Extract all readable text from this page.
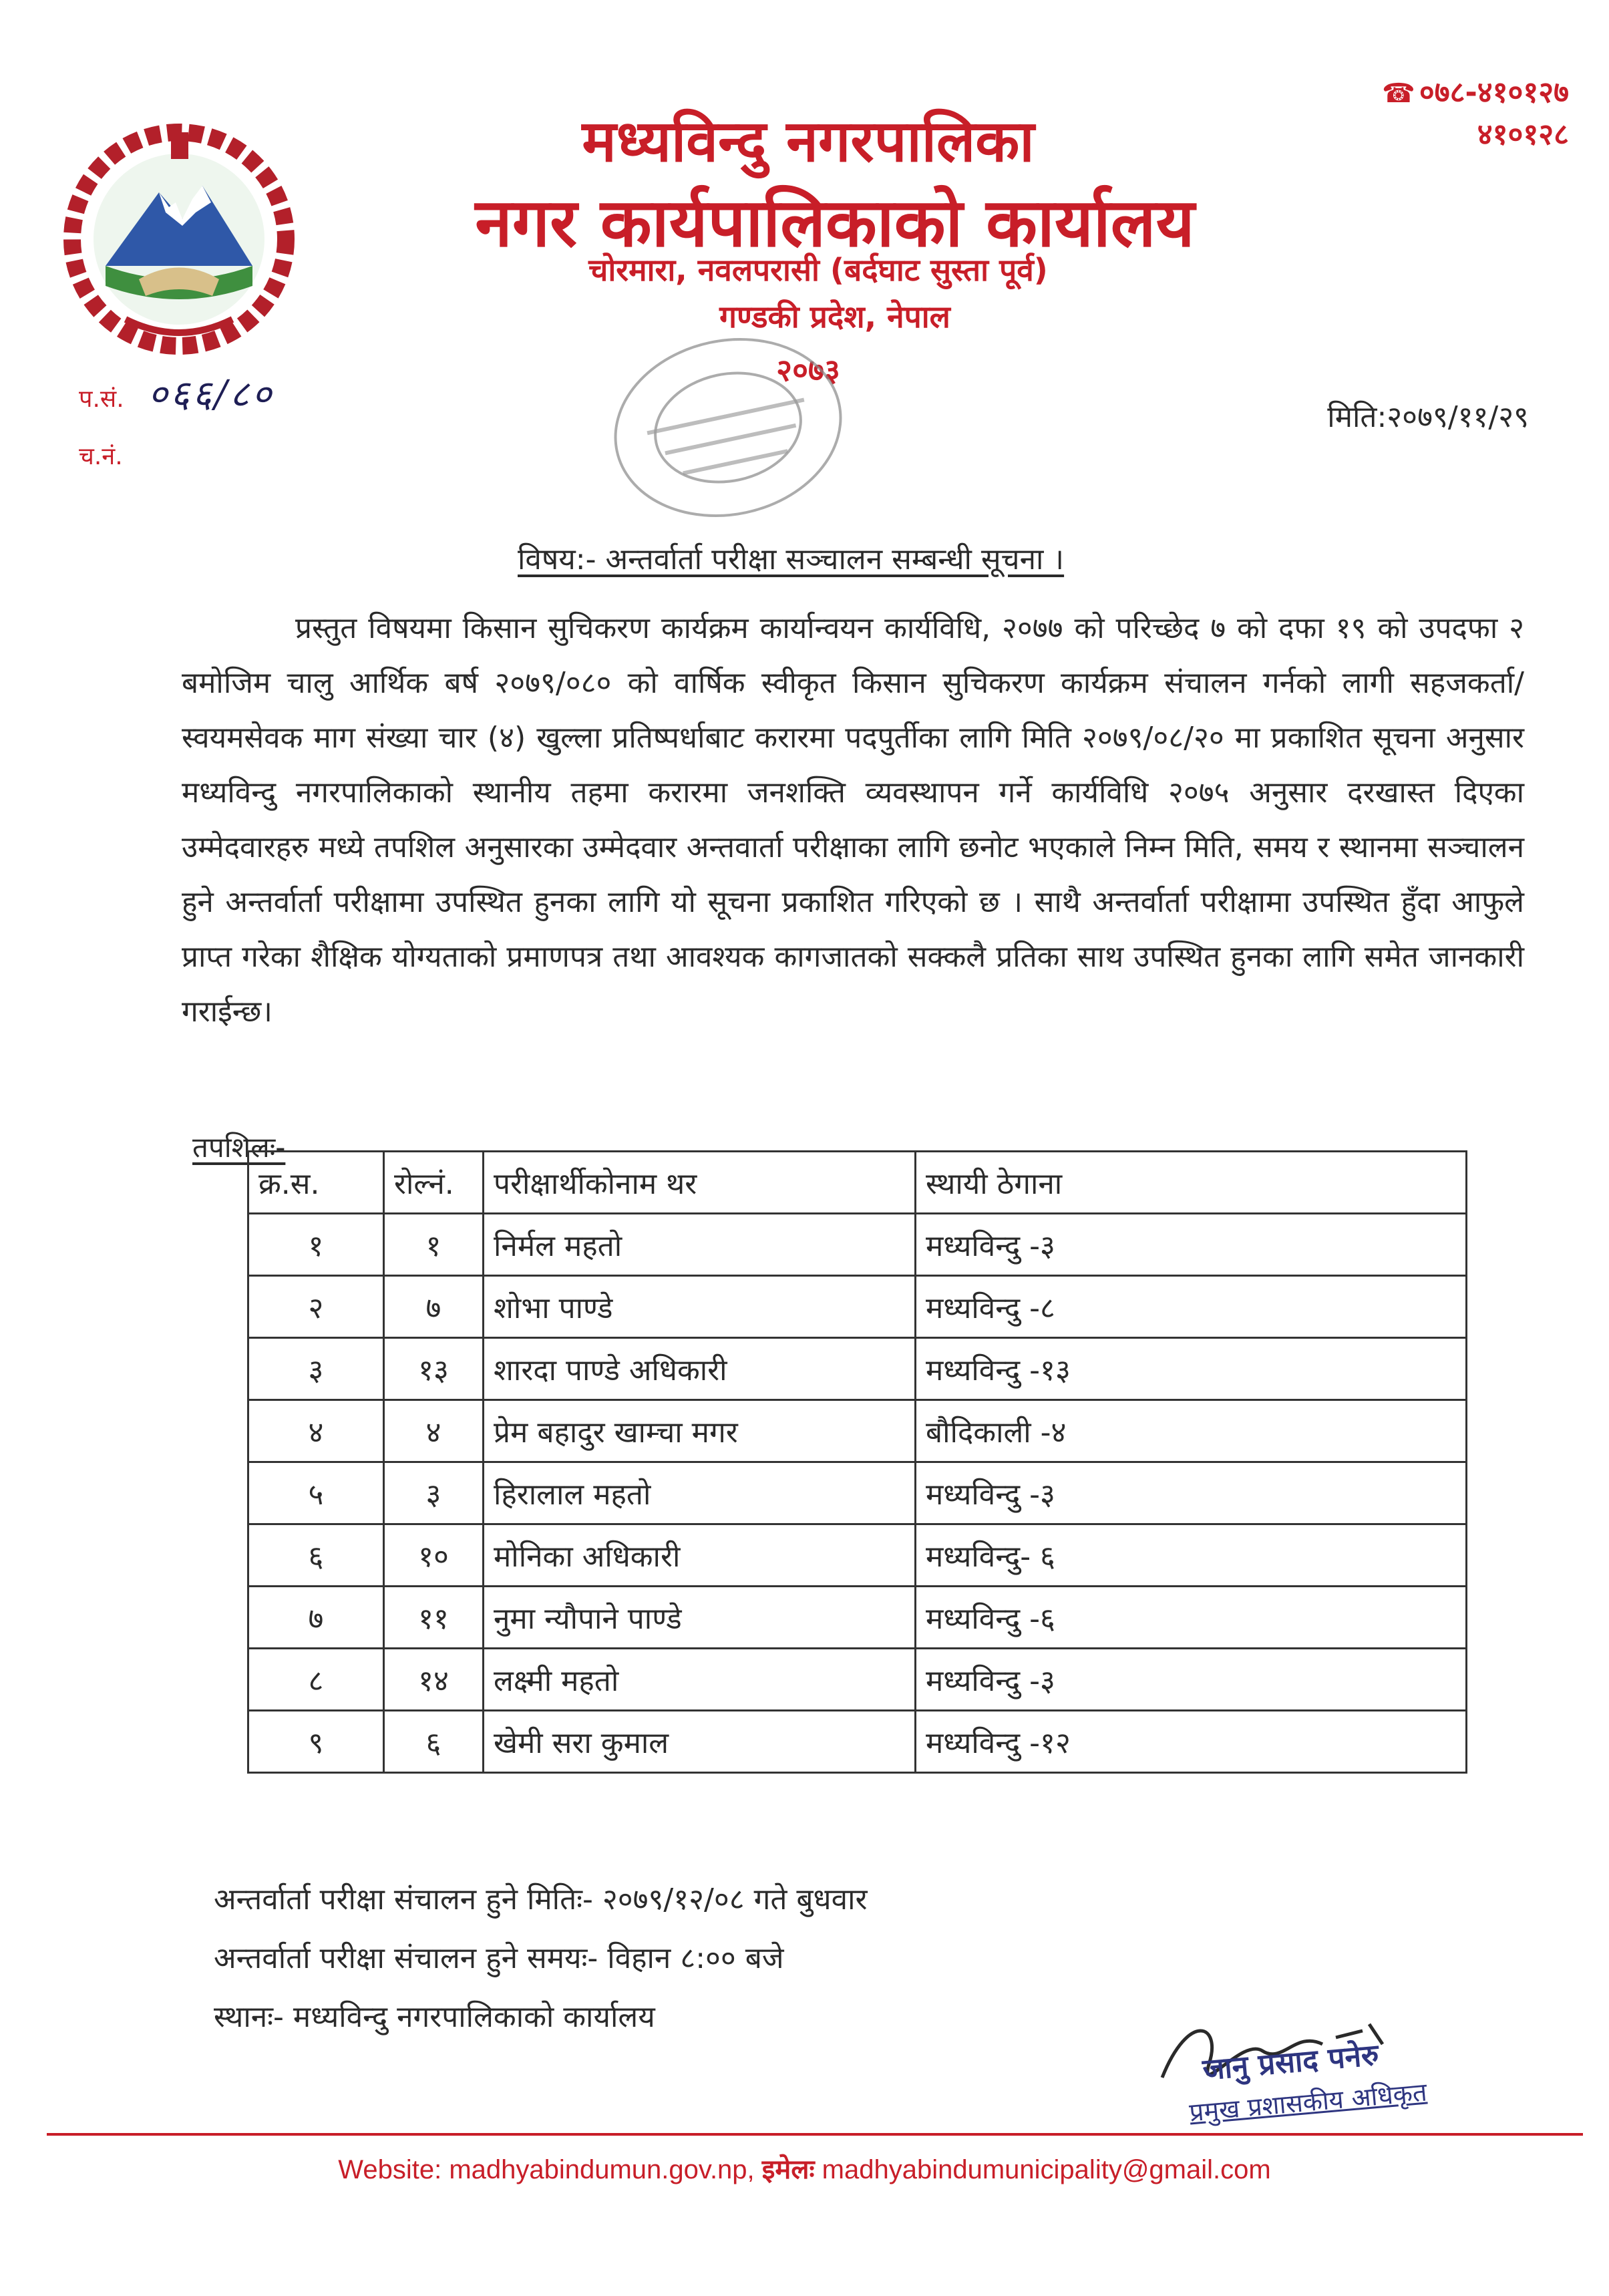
☎ ०७८-४१०१२७
४१०१२८
मध्यविन्दु नगरपालिका
नगर कार्यपालिकाको कार्यालय
चोरमारा, नवलपरासी (बर्दघाट सुस्ता पूर्व)
गण्डकी प्रदेश, नेपाल
२०७३
प.सं. ०६६/८०
च.नं.
मिति:२०७९/११/२९
विषय:- अन्तर्वार्ता परीक्षा सञ्चालन सम्बन्धी सूचना ।
प्रस्तुत विषयमा किसान सुचिकरण कार्यक्रम कार्यान्वयन कार्यविधि, २०७७ को परिच्छेद ७ को दफा १९ को उपदफा २ बमोजिम चालु आर्थिक बर्ष २०७९/०८० को वार्षिक स्वीकृत किसान सुचिकरण कार्यक्रम संचालन गर्नको लागी सहजकर्ता/स्वयमसेवक माग संख्या चार (४) खुल्ला प्रतिष्पर्धाबाट करारमा पदपुर्तीका लागि मिति २०७९/०८/२० मा प्रकाशित सूचना अनुसार मध्यविन्दु नगरपालिकाको स्थानीय तहमा करारमा जनशक्ति व्यवस्थापन गर्ने कार्यविधि २०७५ अनुसार दरखास्त दिएका उम्मेदवारहरु मध्ये तपशिल अनुसारका उम्मेदवार अन्तवार्ता परीक्षाका लागि छनोट भएकाले निम्न मिति, समय र स्थानमा सञ्चालन हुने अन्तर्वार्ता परीक्षामा उपस्थित हुनका लागि यो सूचना प्रकाशित गरिएको छ । साथै अन्तर्वार्ता परीक्षामा उपस्थित हुँदा आफुले प्राप्त गरेका शैक्षिक योग्यताको प्रमाणपत्र तथा आवश्यक कागजातको सक्कलै प्रतिका साथ उपस्थित हुनका लागि समेत जानकारी गराईन्छ।
तपशिलः-
क्र.स.	रोल्नं.	परीक्षार्थीकोनाम थर	स्थायी ठेगाना
१	१	निर्मल महतो	मध्यविन्दु -३
२	७	शोभा पाण्डे	मध्यविन्दु -८
३	१३	शारदा पाण्डे अधिकारी	मध्यविन्दु -१३
४	४	प्रेम बहादुर खाम्चा मगर	बौदिकाली -४
५	३	हिरालाल महतो	मध्यविन्दु -३
६	१०	मोनिका अधिकारी	मध्यविन्दु- ६
७	११	नुमा न्यौपाने पाण्डे	मध्यविन्दु -६
८	१४	लक्ष्मी महतो	मध्यविन्दु -३
९	६	खेमी सरा कुमाल	मध्यविन्दु -१२
अन्तर्वार्ता परीक्षा संचालन हुने मितिः- २०७९/१२/०८ गते बुधवार
अन्तर्वार्ता परीक्षा संचालन हुने समयः- विहान ८:०० बजे
स्थानः- मध्यविन्दु नगरपालिकाको कार्यालय
जानु प्रसाद पनेरु
प्रमुख प्रशासकीय अधिकृत
Website: madhyabindumun.gov.np, इमेलः madhyabindumunicipality@gmail.com
